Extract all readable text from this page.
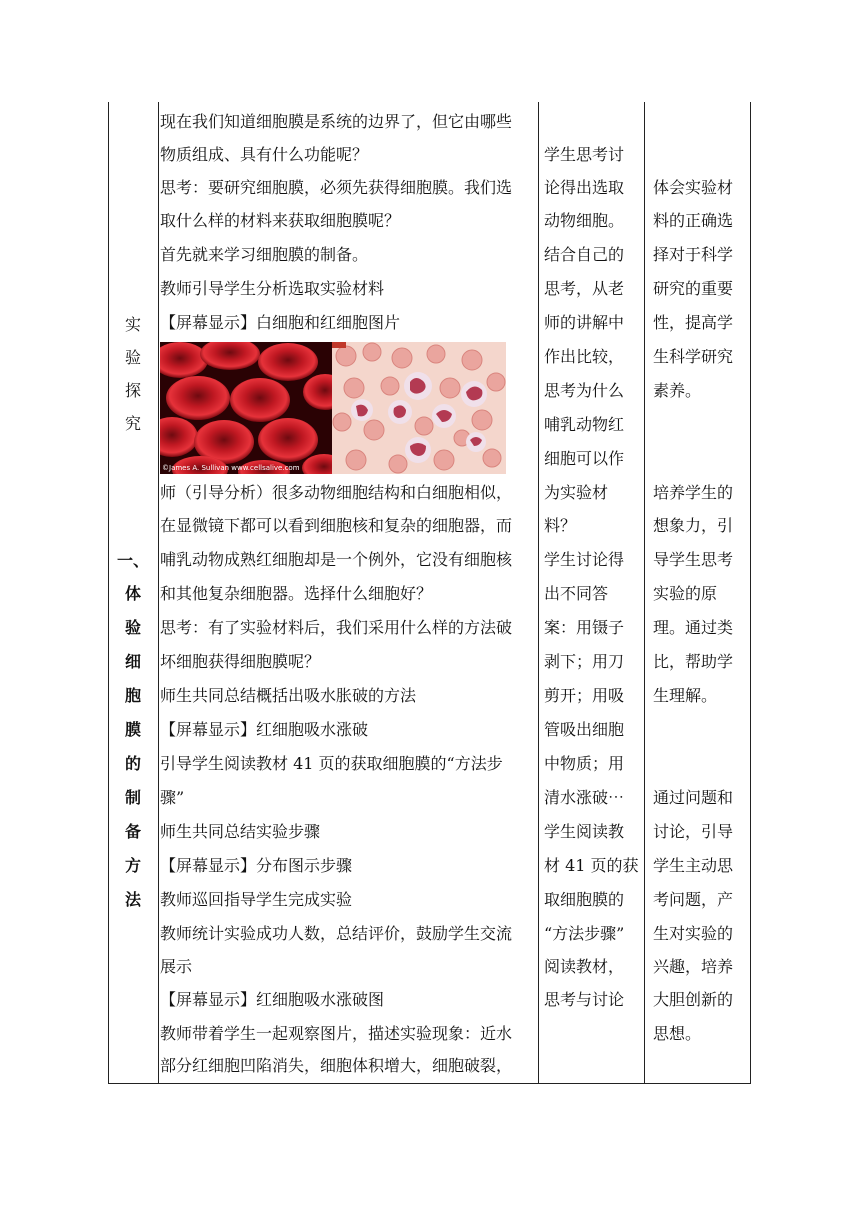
实
验
探
究
一、
体
验
细
胞
膜
的
制
备
方
法
现在我们知道细胞膜是系统的边界了，但它由哪些
物质组成、具有什么功能呢？
思考：要研究细胞膜，必须先获得细胞膜。我们选
取什么样的材料来获取细胞膜呢？
首先就来学习细胞膜的制备。
教师引导学生分析选取实验材料
【屏幕显示】白细胞和红细胞图片
师（引导分析）很多动物细胞结构和白细胞相似，
在显微镜下都可以看到细胞核和复杂的细胞器，而
哺乳动物成熟红细胞却是一个例外，它没有细胞核
和其他复杂细胞器。选择什么细胞好？
思考：有了实验材料后，我们采用什么样的方法破
坏细胞获得细胞膜呢？
师生共同总结概括出吸水胀破的方法
【屏幕显示】红细胞吸水涨破
引导学生阅读教材 41 页的获取细胞膜的“方法步
骤”
师生共同总结实验步骤
【屏幕显示】分布图示步骤
教师巡回指导学生完成实验
教师统计实验成功人数，总结评价，鼓励学生交流
展示
【屏幕显示】红细胞吸水涨破图
教师带着学生一起观察图片，描述实验现象：近水
部分红细胞凹陷消失，细胞体积增大，细胞破裂，
©James A. Sullivan www.cellsalive.com
学生思考讨
论得出选取
动物细胞。
结合自己的
思考，从老
师的讲解中
作出比较，
思考为什么
哺乳动物红
细胞可以作
为实验材
料？
学生讨论得
出不同答
案：用镊子
剥下；用刀
剪开；用吸
管吸出细胞
中物质；用
清水涨破⋯
学生阅读教
材 41 页的获
取细胞膜的
“方法步骤”
阅读教材，
思考与讨论
体会实验材
料的正确选
择对于科学
研究的重要
性，提高学
生科学研究
素养。
培养学生的
想象力，引
导学生思考
实验的原
理。通过类
比，帮助学
生理解。
通过问题和
讨论，引导
学生主动思
考问题，产
生对实验的
兴趣，培养
大胆创新的
思想。
